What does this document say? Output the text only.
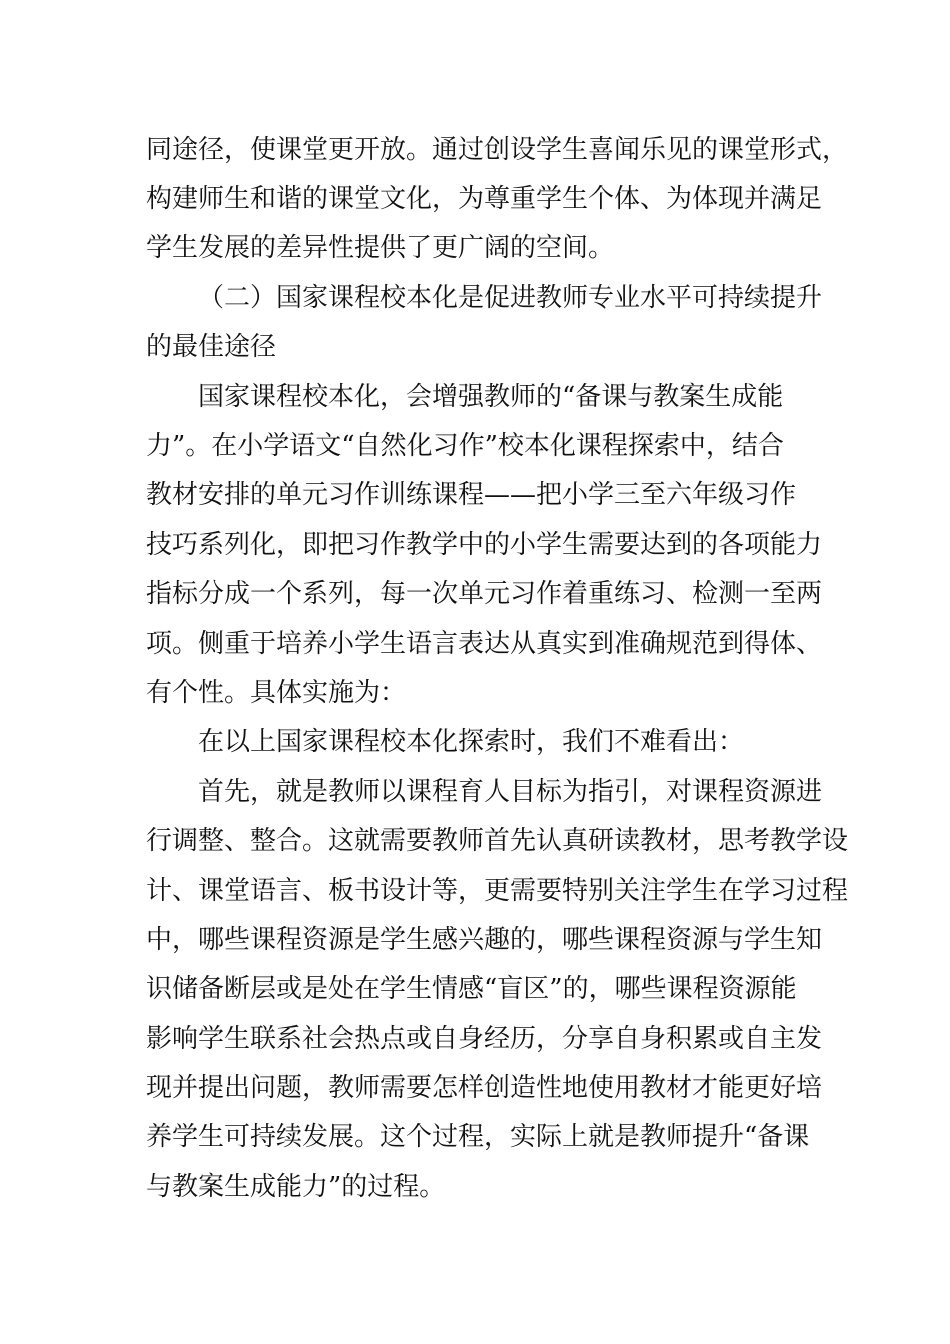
同途径，使课堂更开放。通过创设学生喜闻乐见的课堂形式，
构建师生和谐的课堂文化，为尊重学生个体、为体现并满足
学生发展的差异性提供了更广阔的空间。
（二）国家课程校本化是促进教师专业水平可持续提升
的最佳途径
国家课程校本化，会增强教师的“备课与教案生成能
力”。在小学语文“自然化习作”校本化课程探索中，结合
教材安排的单元习作训练课程——把小学三至六年级习作
技巧系列化，即把习作教学中的小学生需要达到的各项能力
指标分成一个系列，每一次单元习作着重练习、检测一至两
项。侧重于培养小学生语言表达从真实到准确规范到得体、
有个性。具体实施为：
在以上国家课程校本化探索时，我们不难看出：
首先，就是教师以课程育人目标为指引，对课程资源进
行调整、整合。这就需要教师首先认真研读教材，思考教学设
计、课堂语言、板书设计等，更需要特别关注学生在学习过程
中，哪些课程资源是学生感兴趣的，哪些课程资源与学生知
识储备断层或是处在学生情感“盲区”的，哪些课程资源能
影响学生联系社会热点或自身经历，分享自身积累或自主发
现并提出问题，教师需要怎样创造性地使用教材才能更好培
养学生可持续发展。这个过程，实际上就是教师提升“备课
与教案生成能力”的过程。
